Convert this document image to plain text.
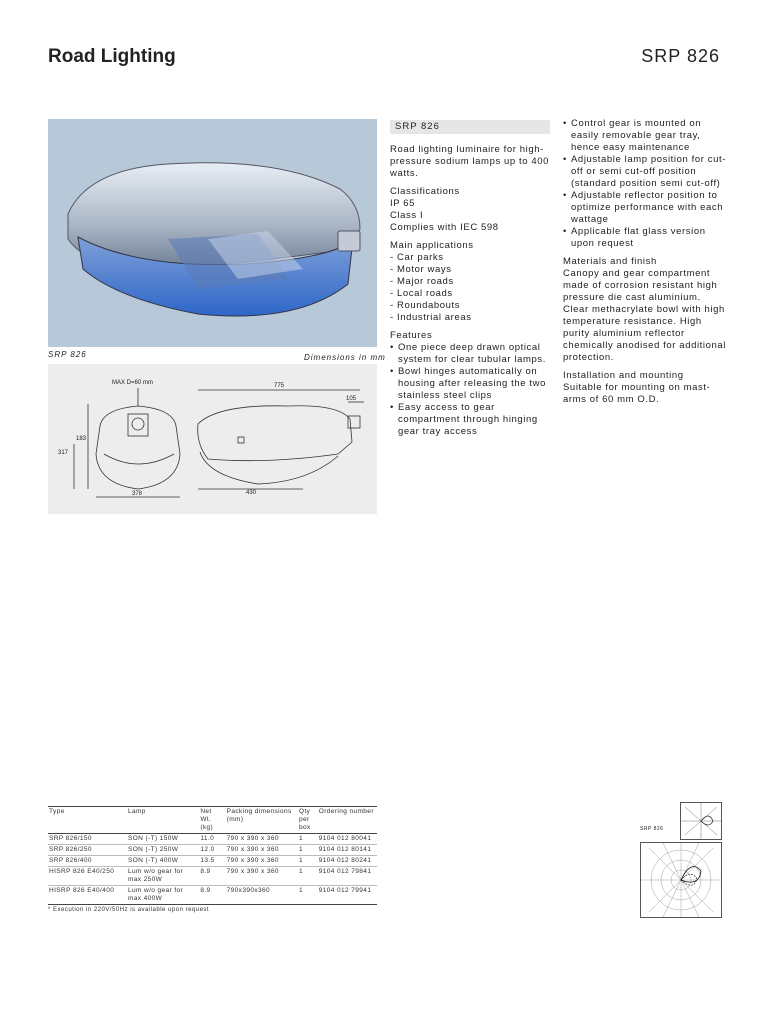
Road Lighting	SRP 826
SRP 826	Dimensions in mm
MAX D=60 mm	775
105
183
317
378	430
SRP 826
Road lighting luminaire for high-pressure sodium lamps up to 400 watts.
Classifications
IP 65
Class I
Complies with IEC 598
Main applications
- Car parks
- Motor ways
- Major roads
- Local roads
- Roundabouts
- Industrial areas
Features
• One piece deep drawn optical system for clear tubular lamps.
• Bowl hinges automatically on housing after releasing the two stainless steel clips
• Easy access to gear compartment through hinging gear tray access
• Control gear is mounted on easily removable gear tray, hence easy maintenance
• Adjustable lamp position for cut-off or semi cut-off position (standard position semi cut-off)
• Adjustable reflector position to optimize performance with each wattage
• Applicable flat glass version upon request
Materials and finish
Canopy and gear compartment made of corrosion resistant high pressure die cast aluminium. Clear methacrylate bowl with high temperature resistance. High purity aluminium reflector chemically anodised for additional protection.
Installation and mounting
Suitable for mounting on mast-arms of 60 mm O.D.
Type	Lamp	Net Wt. (kg)	Packing dimensions (mm)	Qty per box	Ordering number
SRP 826/150	SON (-T) 150W	11.0	790 x 390 x 360	1	9104 012 80041
SRP 826/250	SON (-T) 250W	12.0	790 x 390 x 360	1	9104 012 80141
SRP 826/400	SON (-T) 400W	13.5	790 x 390 x 360	1	9104 012 80241
HISRP 826 E40/250	Lum w/o gear for max 250W	8.9	790 x 390 x 360	1	9104 012 79841
HISRP 826 E40/400	Lum w/o gear for max 400W	8.9	790x390x360	1	9104 012 79941
* Execution in 220V/50Hz is available upon request
SRP 826
